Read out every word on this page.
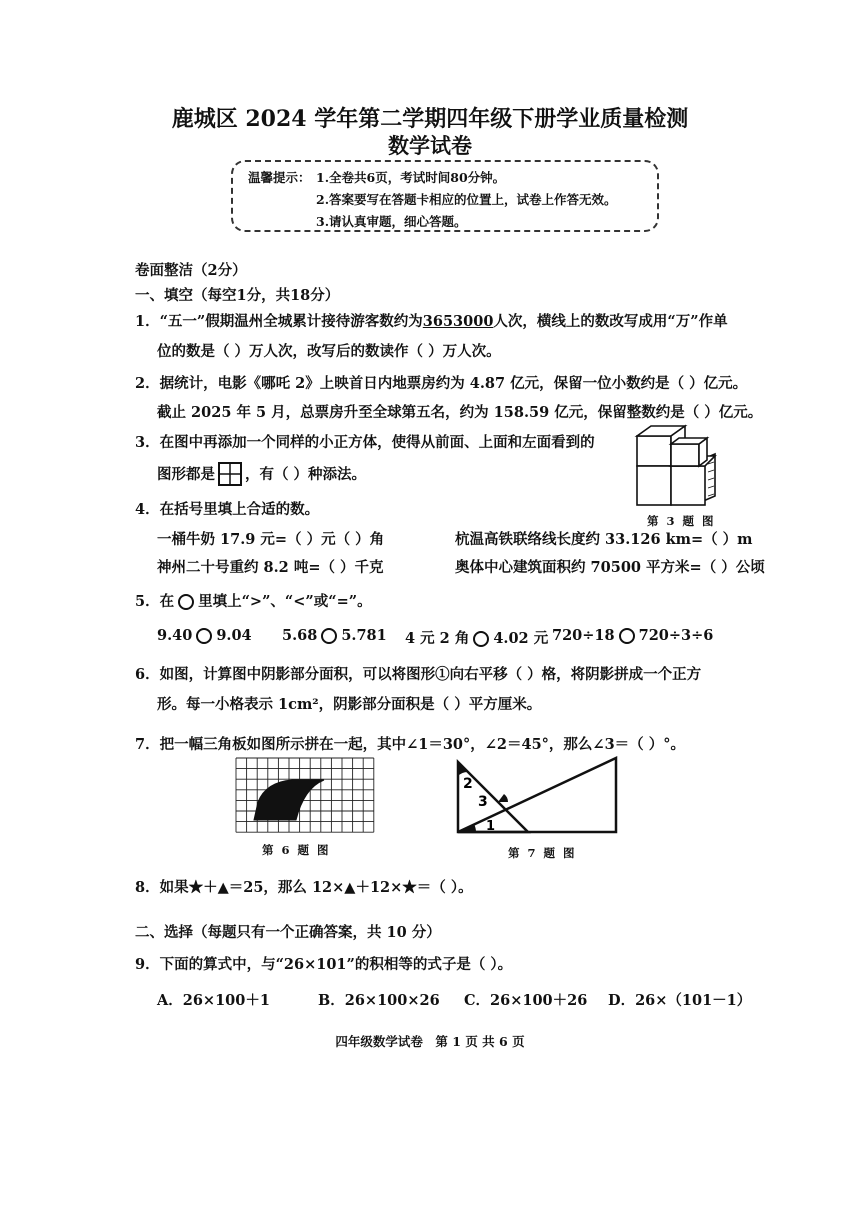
鹿城区 2024 学年第二学期四年级下册学业质量检测
数学试卷
温馨提示： 1.全卷共6页，考试时间80分钟。
2.答案要写在答题卡相应的位置上，试卷上作答无效。
3.请认真审题，细心答题。
卷面整洁（2分）
一、填空（每空1分，共18分）
1．“五一”假期温州全城累计接待游客数约为3653000人次，横线上的数改写成用“万”作单
位的数是（ ）万人次，改写后的数读作（ ）万人次。
2．据统计，电影《哪吒 2》上映首日内地票房约为 4.87 亿元，保留一位小数约是（ ）亿元。
截止 2025 年 5 月，总票房升至全球第五名，约为 158.59 亿元，保留整数约是（ ）亿元。
3．在图中再添加一个同样的小正方体，使得从前面、上面和左面看到的
图形都是 ，有（ ）种添法。
第 3 题 图
4．在括号里填上合适的数。
一桶牛奶 17.9 元=（ ）元（ ）角	杭温高铁联络线长度约 33.126 km=（ ）m
神州二十号重约 8.2 吨=（ ）千克	奥体中心建筑面积约 70500 平方米=（ ）公顷
5．在 里填上“>”、“<”或“=”。
9.40 9.04 5.68 5.781 4 元 2 角 4.02 元 720÷18 720÷3÷6
6．如图，计算图中阴影部分面积，可以将图形①向右平移（ ）格，将阴影拼成一个正方
形。每一小格表示 1cm²，阴影部分面积是（ ）平方厘米。
7．把一幅三角板如图所示拼在一起，其中∠1＝30°，∠2＝45°，那么∠3＝（ ）°。
第 6 题 图
2
3
1
第 7 题 图
8．如果★＋▲＝25，那么 12×▲＋12×★＝（ ）。
二、选择（每题只有一个正确答案，共 10 分）
9．下面的算式中，与“26×101”的积相等的式子是（ ）。
A．26×100＋1	B．26×100×26 C．26×100＋26 D．26×（101－1）
四年级数学试卷　第 1 页 共 6 页
